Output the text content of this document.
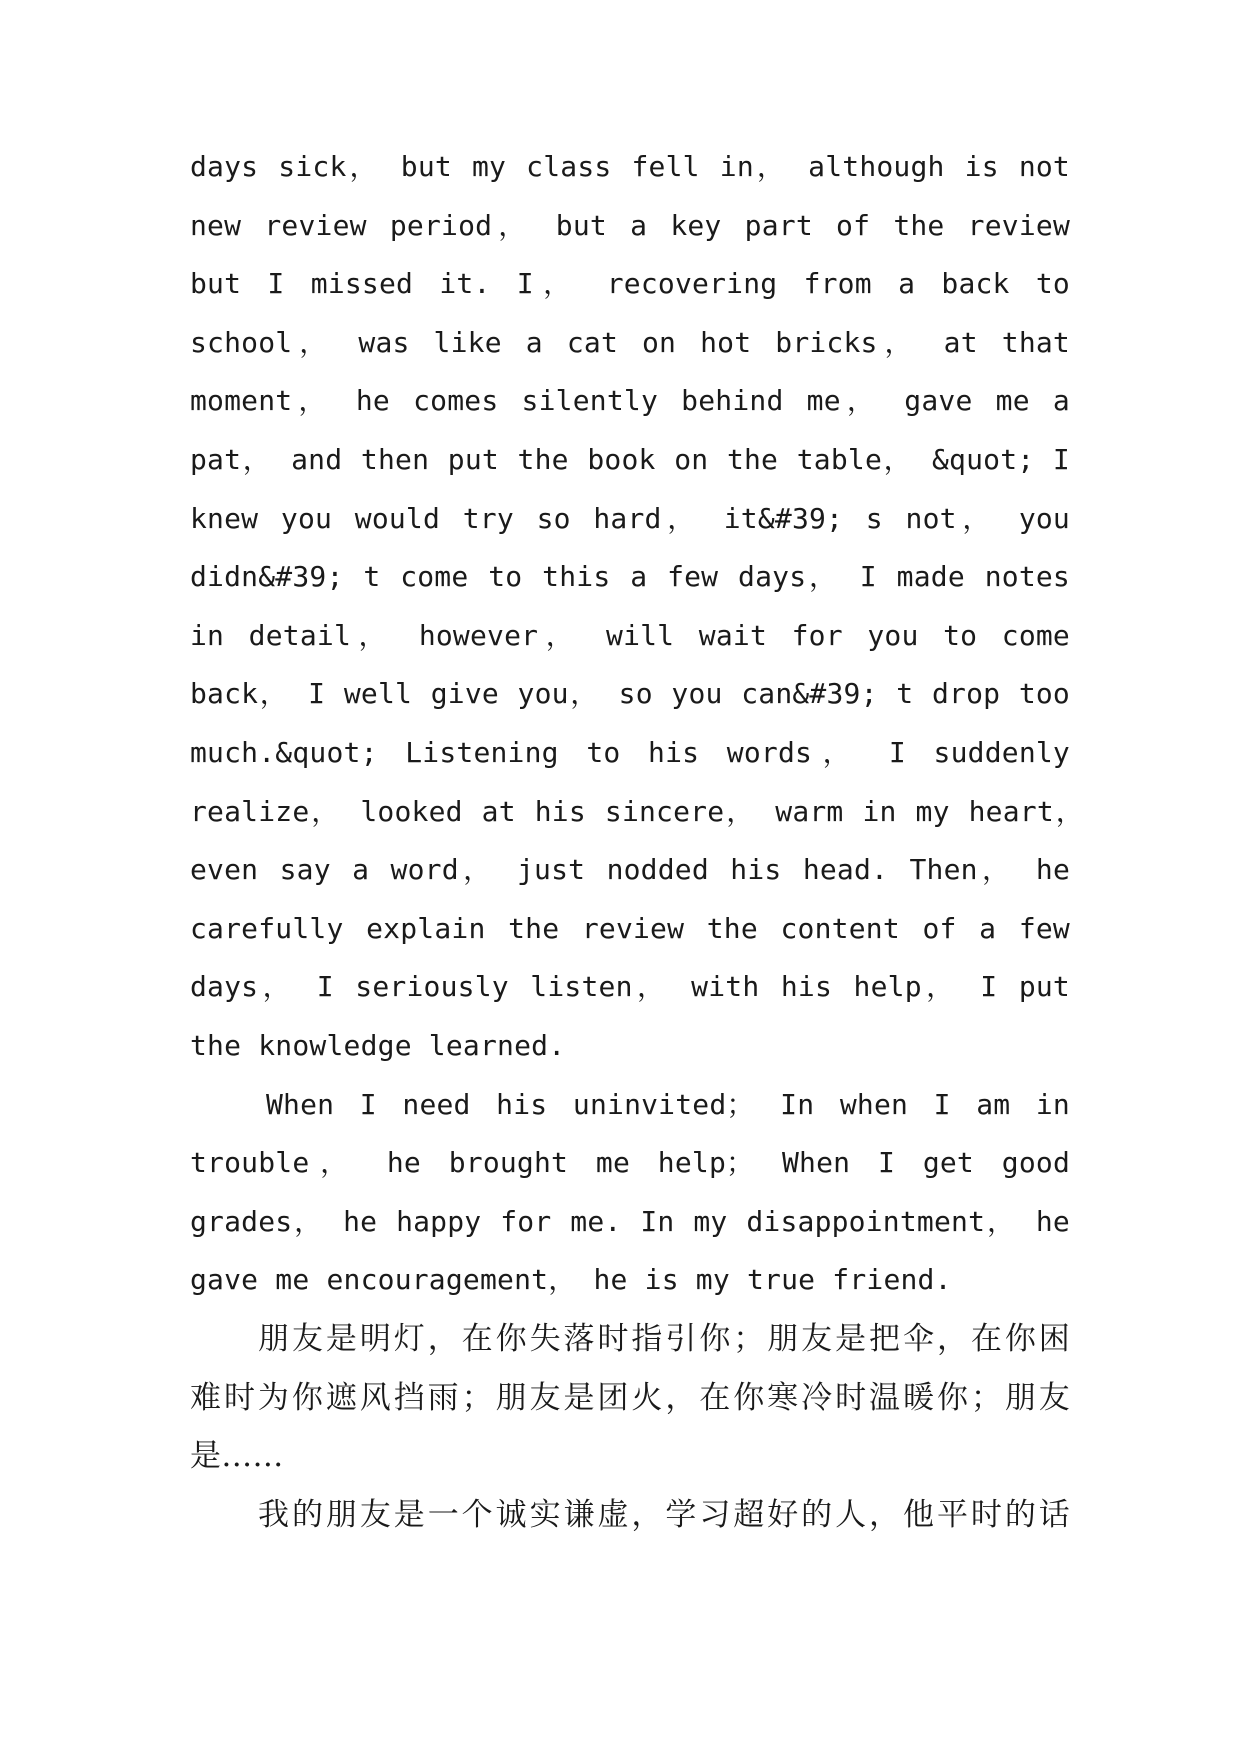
days sick， but my class fell in， although is not
new review period， but a key part of the review
but I missed it. I， recovering from a back to
school， was like a cat on hot bricks， at that
moment， he comes silently behind me， gave me a
pat， and then put the book on the table， &quot; I
knew you would try so hard， it&#39; s not， you
didn&#39; t come to this a few days， I made notes
in detail， however， will wait for you to come
back， I well give you， so you can&#39; t drop too
much.&quot; Listening to his words， I suddenly
realize， looked at his sincere， warm in my heart，
even say a word， just nodded his head. Then， he
carefully explain the review the content of a few
days， I seriously listen， with his help， I put
the knowledge learned.
When I need his uninvited； In when I am in
trouble， he brought me help； When I get good
grades， he happy for me. In my disappointment， he
gave me encouragement， he is my true friend.
朋友是明灯，在你失落时指引你；朋友是把伞，在你困
难时为你遮风挡雨；朋友是团火，在你寒冷时温暖你；朋友
是……
我的朋友是一个诚实谦虚，学习超好的人，他平时的话
